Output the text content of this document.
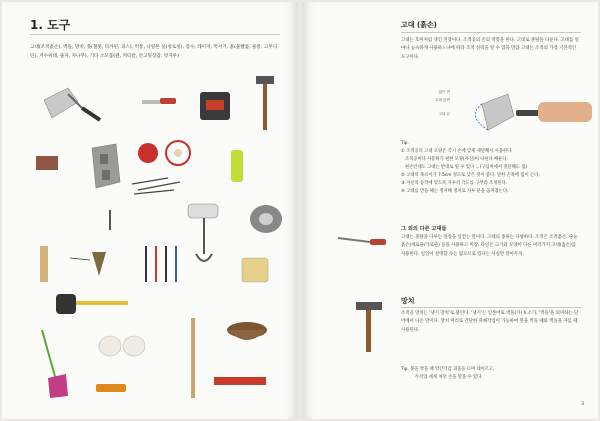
1. 도구
고대(조적흙손), 벽돌, 망치, 못(철못, 타카핀, 피스), 먹통, 나일론 실(청로실), 장수, 레이저, 먹서기, 흙(물빨틀, 물통, 고무디딘), 저수위대, 줄자, 자나무), 기타 소모품(펜, 커터칼, 안고팅장갑, 빗자루)
고대 (흙손)
고대는 호미처럼 생긴 연장이다. 조적공의 손의 역할을 한다. 고대로 몰탈을 다룬다. 고대를 얼마나 능숙하게 사용하느냐에 따라 조적 실력을 알 수 있을 만큼 고대는 조적의 가장 기본적인 도구이다.
얇은 면
고대 앞면
고대 끝
Tip.
① 조적공의 고대 모양은 각기 손에 맞게 제단해서 사용한다.
조적공마다 사용하기 편한 모양(자신)이 나뉜다 배운다.
현손인데도 고대는 반대로 될 수 있다 ...(구입처에서 절단해도 됨)
② 고대의 목쇠이가 7.5cm 정도로 낮은 것이 좋다. 말한 손목에 힘이 든다.
③ 자신의 동작에 맞도록 자루의 각도를 구부려 조정된다.
④ 고대를 만을 때는 정지해 정지로 자루 분을 움켜잡는다.
그 외의 다른 고대들
고대는 몰탈을 다루는 연장을 일컫는 말이다. 고대의 종류는 다양하다. 조적은 조적흙손, 줄눈흙손(세로줄/가로줄) 등을 사용하고 미장, 타일은 크기와 모양이 다른 여러가지 고대(흙손)를 사용한다. 일일이 설명할 수는 없으므로 있다는 사실만 알아두자.
망치
조적공 망치는 '냉기 망치'로 불린다. '냉기'는 일본어로 벽돌(가) h.소가, '벽돌'을 의미하는 단어에서 나온 말이다. 망치 머리로 간단한 파쇄작업이 가능하여 붓을 벽돌 때와 벽돌을 자를 때 사용된다.
Tip. 못을 박을 때 약간각감 괴돌을 뜨며 네이르고,
두직업 세게 처던 손을 말을 수 있다.
3
